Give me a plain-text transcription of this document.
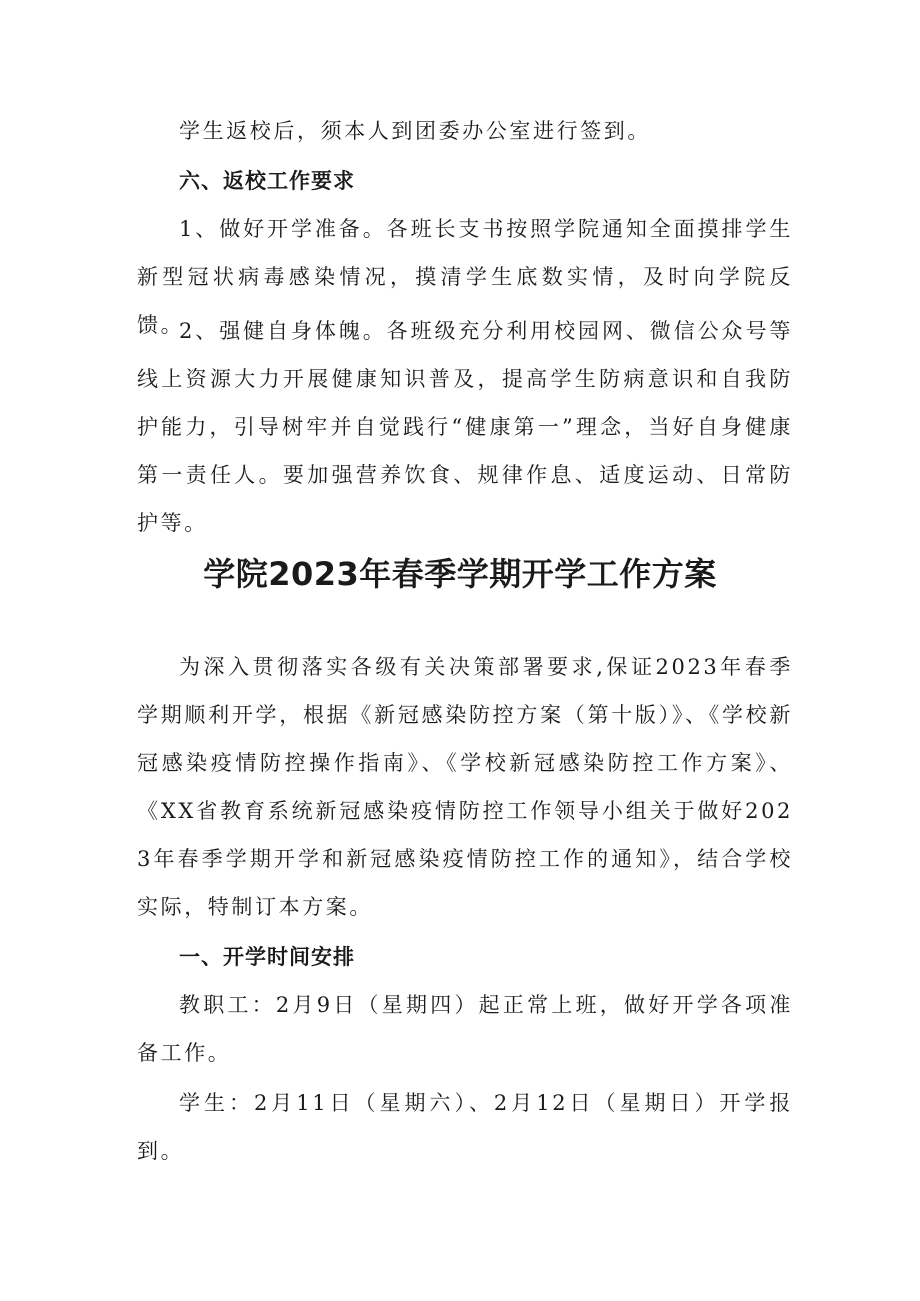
学生返校后，须本人到团委办公室进行签到。

六、返校工作要求

1、做好开学准备。各班长支书按照学院通知全面摸排学生新型冠状病毒感染情况，摸清学生底数实情，及时向学院反馈。

2、强健自身体魄。各班级充分利用校园网、微信公众号等线上资源大力开展健康知识普及，提高学生防病意识和自我防护能力，引导树牢并自觉践行“健康第一”理念，当好自身健康第一责任人。要加强营养饮食、规律作息、适度运动、日常防护等。

学院2023年春季学期开学工作方案

为深入贯彻落实各级有关决策部署要求,保证2023年春季学期顺利开学，根据《新冠感染防控方案（第十版）》、《学校新冠感染疫情防控操作指南》、《学校新冠感染防控工作方案》、《XX省教育系统新冠感染疫情防控工作领导小组关于做好2023年春季学期开学和新冠感染疫情防控工作的通知》，结合学校实际，特制订本方案。

一、开学时间安排

教职工：2月9日（星期四）起正常上班，做好开学各项准备工作。

学生：2月11日（星期六）、2月12日（星期日）开学报到。
